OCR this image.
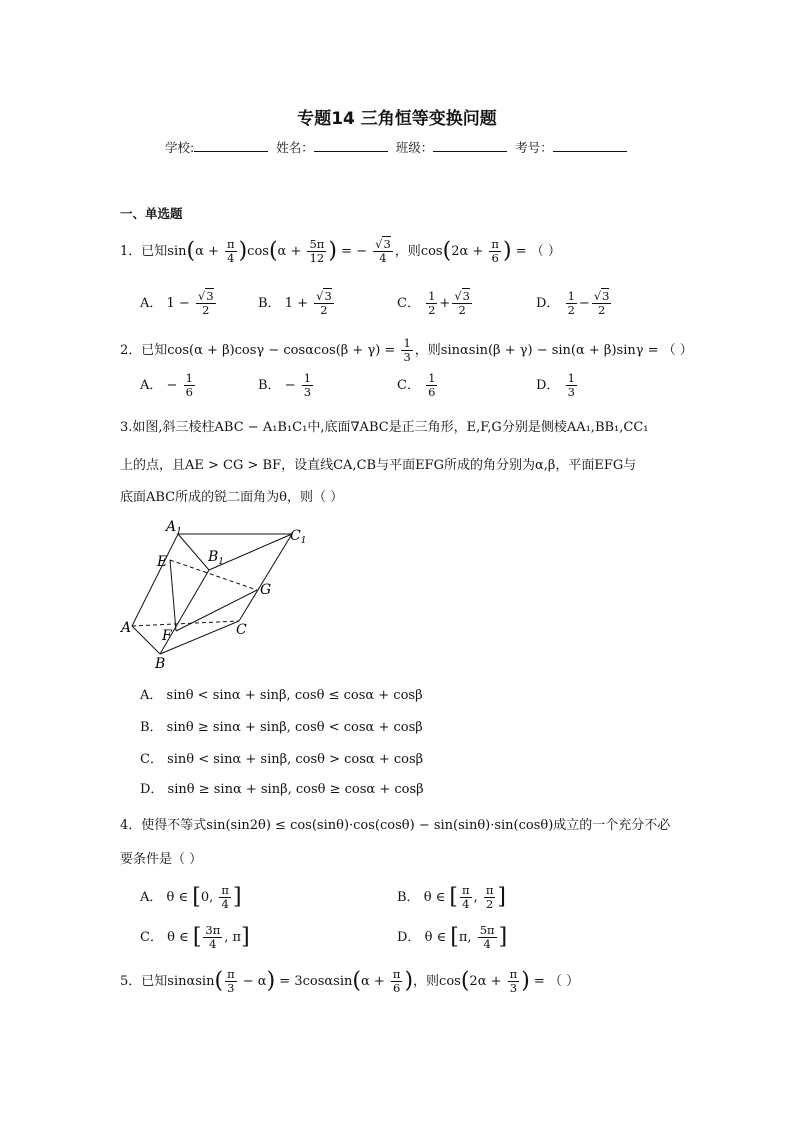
专题14 三角恒等变换问题
学校:	姓名：	班级：	考号：
一、单选题
1．已知$\sin(\alpha + \frac{\pi}{4} )\cos(\alpha + \frac{5\pi}{12}$ ) = − $\frac{√3}{4}$ ，则$\cos(2\alpha + \frac{\pi}{6}$ ) = （ ）
A． $1 - \frac{√3}{2}$	B． $1 + \frac{√3}{2}$	C． $\frac{1}{2} + \frac{√3}{2}$	D． $\frac{1}{2} - \frac{√3}{2}$
2．已知$\cos(\alpha + \beta)\cos\gamma - \cos\alpha\cos(\beta + \gamma) = \frac{1}{3}$ ，则sinαsin(β + γ) − sin(α + β)sinγ = （ ）
A． − $\frac{1}{6}$	B． − $\frac{1}{3}$	C． $\frac{1}{6}$	D． $\frac{1}{3}$
3.如图,斜三棱柱ABC − A₁B₁C₁中,底面∇ABC是正三角形，E,F,G分别是侧棱AA₁,BB₁,CC₁
上的点，且AE > CG > BF，设直线CA,CB与平面EFG所成的角分别为α,β，平面EFG与
底面ABC所成的锐二面角为θ，则（ ）
$A_1$
$B_1$
$C_1$
E
G
A F	C
B
A． sinθ < sinα + sinβ, cosθ ≤ cosα + cosβ
B． sinθ ≥ sinα + sinβ, cosθ < cosα + cosβ
C． sinθ < sinα + sinβ, cosθ > cosα + cosβ
D． sinθ ≥ sinα + sinβ, cosθ ≥ cosα + cosβ
4．使得不等式sin(sin2θ) ≤ cos(sinθ)·cos(cosθ) − sin(sinθ)·sin(cosθ)成立的一个充分不必
要条件是（ ）
A． θ ∈ [0, $\frac{\pi}{4}$ ]	B． θ ∈ [ $\frac{\pi}{4}$ , $\frac{\pi}{2}$ ]
C． θ ∈ [ $\frac{3\pi}{4}$ , π]	D． θ ∈ [π, $\frac{5\pi}{4}$ ]
5．已知$\sin\alpha\sin( \frac{\pi}{3} - \alpha) = 3\cos\alpha\sin(\alpha + \frac{\pi}{6}$ )，则$\cos(2\alpha + \frac{\pi}{3}$ ) = （ ）
